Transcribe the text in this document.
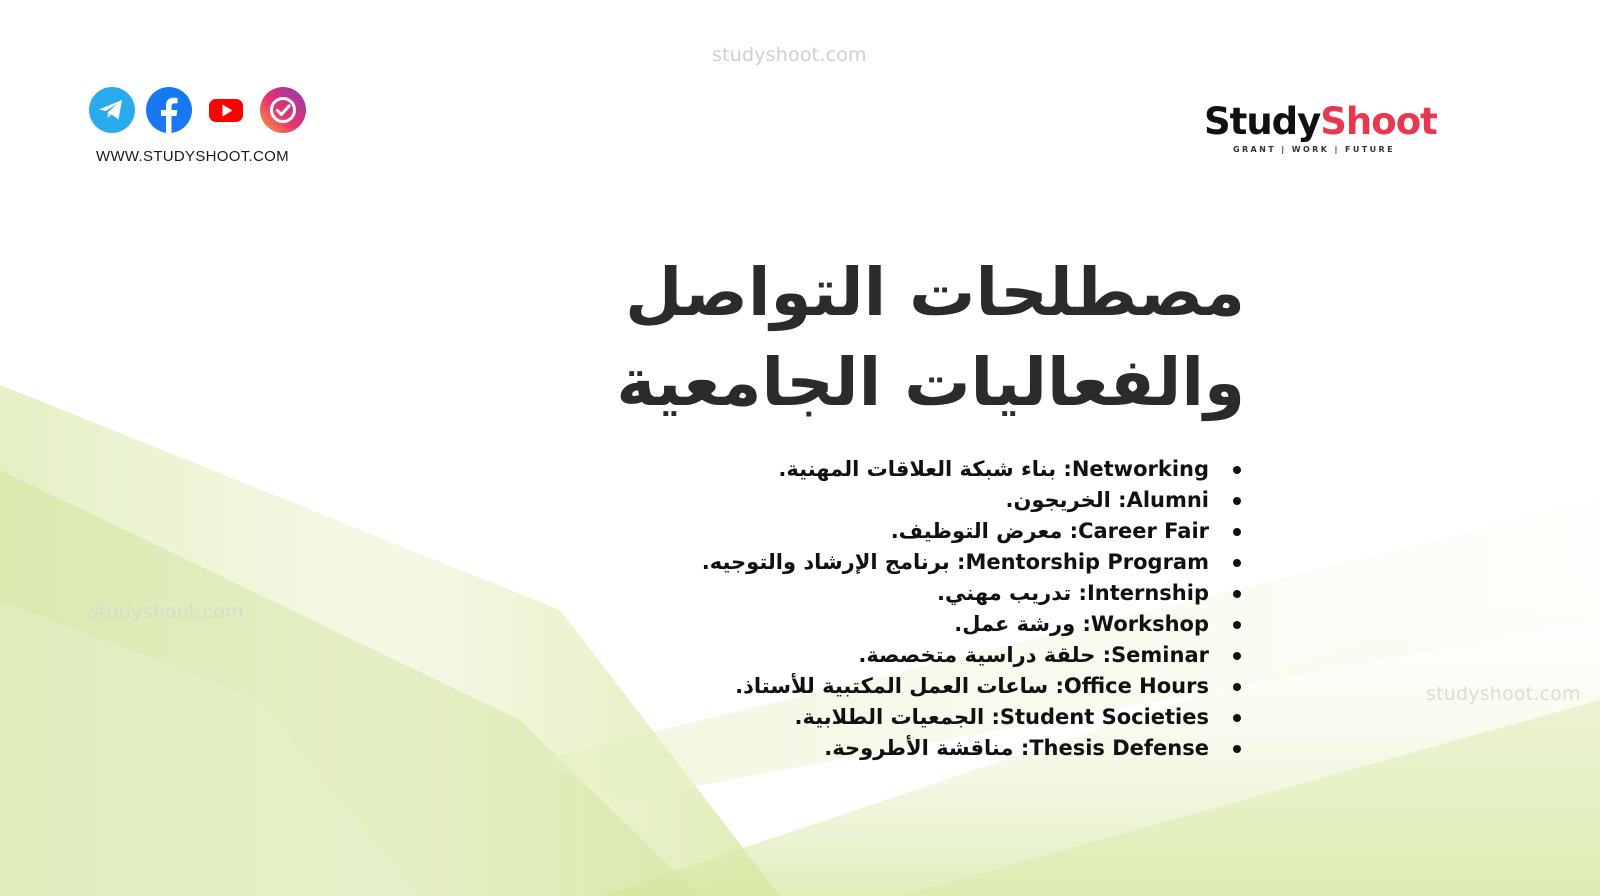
studyshoot.com
studyshoot.com
studyshoot.com
WWW.STUDYSHOOT.COM
StudyShoot
GRANT | WORK | FUTURE
مصطلحات التواصل
والفعاليات الجامعية
Networking: بناء شبكة العلاقات المهنية.
Alumni: الخريجون.
Career Fair: معرض التوظيف.
Mentorship Program: برنامج الإرشاد والتوجيه.
Internship: تدريب مهني.
Workshop: ورشة عمل.
Seminar: حلقة دراسية متخصصة.
Office Hours: ساعات العمل المكتبية للأستاذ.
Student Societies: الجمعيات الطلابية.
Thesis Defense: مناقشة الأطروحة.
